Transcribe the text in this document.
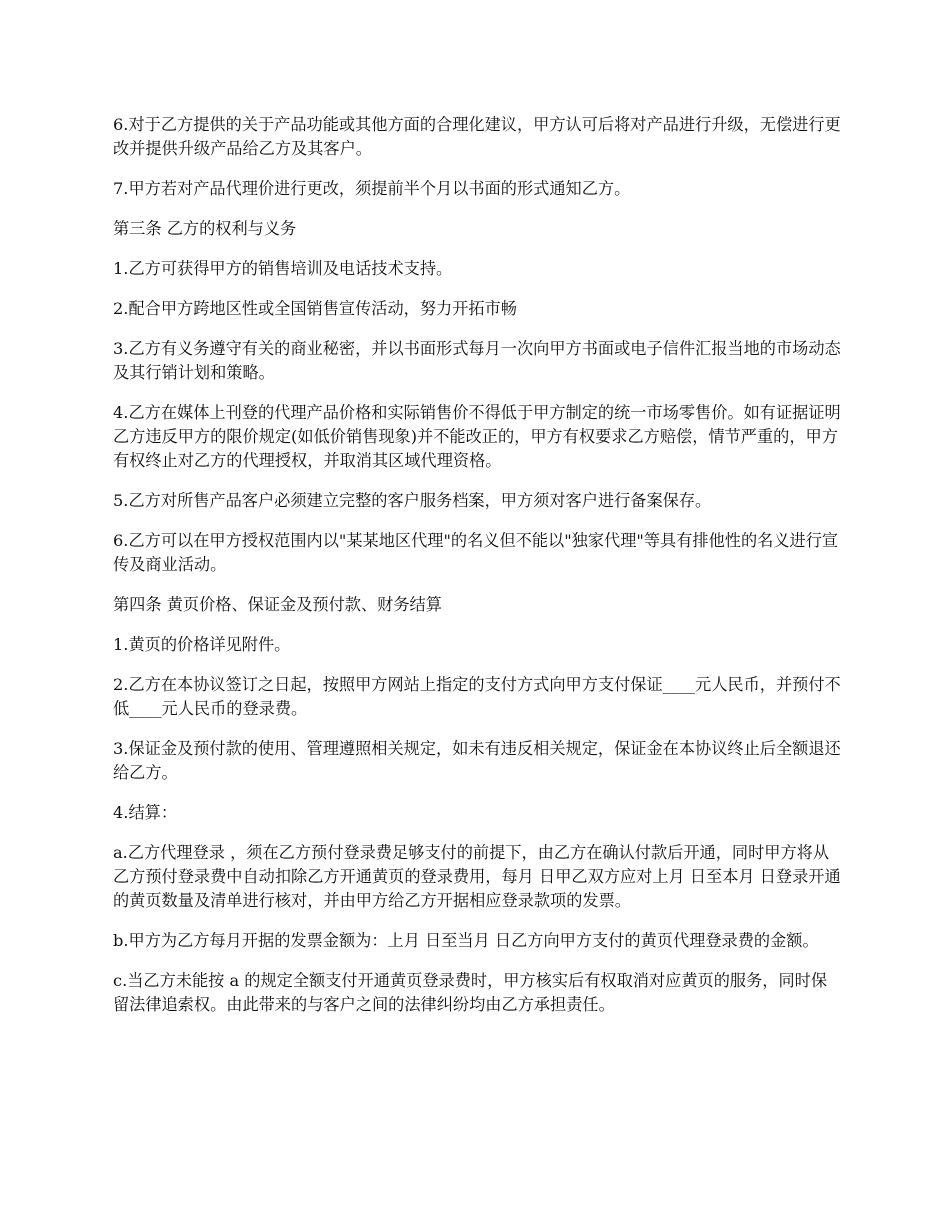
6.对于乙方提供的关于产品功能或其他方面的合理化建议，甲方认可后将对产品进行升级，无偿进行更改并提供升级产品给乙方及其客户。

7.甲方若对产品代理价进行更改，须提前半个月以书面的形式通知乙方。

第三条 乙方的权利与义务

1.乙方可获得甲方的销售培训及电话技术支持。

2.配合甲方跨地区性或全国销售宣传活动，努力开拓市畅

3.乙方有义务遵守有关的商业秘密，并以书面形式每月一次向甲方书面或电子信件汇报当地的市场动态及其行销计划和策略。

4.乙方在媒体上刊登的代理产品价格和实际销售价不得低于甲方制定的统一市场零售价。如有证据证明乙方违反甲方的限价规定(如低价销售现象)并不能改正的，甲方有权要求乙方赔偿，情节严重的，甲方有权终止对乙方的代理授权，并取消其区域代理资格。

5.乙方对所售产品客户必须建立完整的客户服务档案，甲方须对客户进行备案保存。

6.乙方可以在甲方授权范围内以"某某地区代理"的名义但不能以"独家代理"等具有排他性的名义进行宣传及商业活动。

第四条 黄页价格、保证金及预付款、财务结算

1.黄页的价格详见附件。

2.乙方在本协议签订之日起，按照甲方网站上指定的支付方式向甲方支付保证____元人民币，并预付不低____元人民币的登录费。

3.保证金及预付款的使用、管理遵照相关规定，如未有违反相关规定，保证金在本协议终止后全额退还给乙方。

4.结算：

a.乙方代理登录 ，须在乙方预付登录费足够支付的前提下，由乙方在确认付款后开通，同时甲方将从乙方预付登录费中自动扣除乙方开通黄页的登录费用，每月 日甲乙双方应对上月 日至本月 日登录开通的黄页数量及清单进行核对，并由甲方给乙方开据相应登录款项的发票。

b.甲方为乙方每月开据的发票金额为：上月 日至当月 日乙方向甲方支付的黄页代理登录费的金额。

c.当乙方未能按 a 的规定全额支付开通黄页登录费时，甲方核实后有权取消对应黄页的服务，同时保留法律追索权。由此带来的与客户之间的法律纠纷均由乙方承担责任。
